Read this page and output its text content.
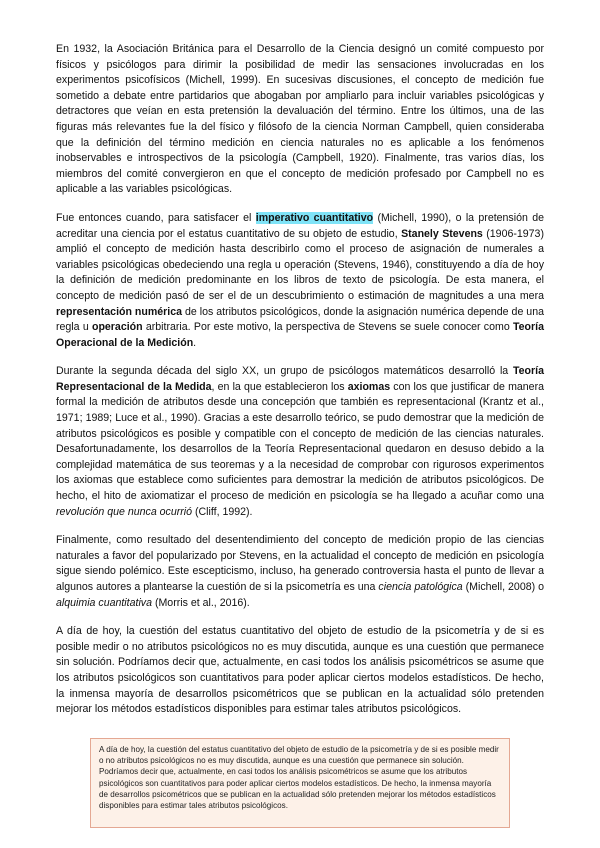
En 1932, la Asociación Británica para el Desarrollo de la Ciencia designó un comité compuesto por físicos y psicólogos para dirimir la posibilidad de medir las sensaciones involucradas en los experimentos psicofísicos (Michell, 1999). En sucesivas discusiones, el concepto de medición fue sometido a debate entre partidarios que abogaban por ampliarlo para incluir variables psicológicas y detractores que veían en esta pretensión la devaluación del término. Entre los últimos, una de las figuras más relevantes fue la del físico y filósofo de la ciencia Norman Campbell, quien consideraba que la definición del término medición en ciencia naturales no es aplicable a los fenómenos inobservables e introspectivos de la psicología (Campbell, 1920). Finalmente, tras varios días, los miembros del comité convergieron en que el concepto de medición profesado por Campbell no es aplicable a las variables psicológicas.

Fue entonces cuando, para satisfacer el imperativo cuantitativo (Michell, 1990), o la pretensión de acreditar una ciencia por el estatus cuantitativo de su objeto de estudio, Stanely Stevens (1906-1973) amplió el concepto de medición hasta describirlo como el proceso de asignación de numerales a variables psicológicas obedeciendo una regla u operación (Stevens, 1946), constituyendo a día de hoy la definición de medición predominante en los libros de texto de psicología. De esta manera, el concepto de medición pasó de ser el de un descubrimiento o estimación de magnitudes a una mera representación numérica de los atributos psicológicos, donde la asignación numérica depende de una regla u operación arbitraria. Por este motivo, la perspectiva de Stevens se suele conocer como Teoría Operacional de la Medición.

Durante la segunda década del siglo XX, un grupo de psicólogos matemáticos desarrolló la Teoría Representacional de la Medida, en la que establecieron los axiomas con los que justificar de manera formal la medición de atributos desde una concepción que también es representacional (Krantz et al., 1971; 1989; Luce et al., 1990). Gracias a este desarrollo teórico, se pudo demostrar que la medición de atributos psicológicos es posible y compatible con el concepto de medición de las ciencias naturales. Desafortunadamente, los desarrollos de la Teoría Representacional quedaron en desuso debido a la complejidad matemática de sus teoremas y a la necesidad de comprobar con rigurosos experimentos los axiomas que establece como suficientes para demostrar la medición de atributos psicológicos. De hecho, el hito de axiomatizar el proceso de medición en psicología se ha llegado a acuñar como una revolución que nunca ocurrió (Cliff, 1992).

Finalmente, como resultado del desentendimiento del concepto de medición propio de las ciencias naturales a favor del popularizado por Stevens, en la actualidad el concepto de medición en psicología sigue siendo polémico. Este escepticismo, incluso, ha generado controversia hasta el punto de llevar a algunos autores a plantearse la cuestión de si la psicometría es una ciencia patológica (Michell, 2008) o alquimia cuantitativa (Morris et al., 2016).

A día de hoy, la cuestión del estatus cuantitativo del objeto de estudio de la psicometría y de si es posible medir o no atributos psicológicos no es muy discutida, aunque es una cuestión que permanece sin solución. Podríamos decir que, actualmente, en casi todos los análisis psicométricos se asume que los atributos psicológicos son cuantitativos para poder aplicar ciertos modelos estadísticos. De hecho, la inmensa mayoría de desarrollos psicométricos que se publican en la actualidad sólo pretenden mejorar los métodos estadísticos disponibles para estimar tales atributos psicológicos.

A día de hoy, la cuestión del estatus cuantitativo del objeto de estudio de la psicometría y de si es posible medir o no atributos psicológicos no es muy discutida, aunque es una cuestión que permanece sin solución. Podríamos decir que, actualmente, en casi todos los análisis psicométricos se asume que los atributos psicológicos son cuantitativos para poder aplicar ciertos modelos estadísticos. De hecho, la inmensa mayoría de desarrollos psicométricos que se publican en la actualidad sólo pretenden mejorar los métodos estadísticos disponibles para estimar tales atributos psicológicos.
